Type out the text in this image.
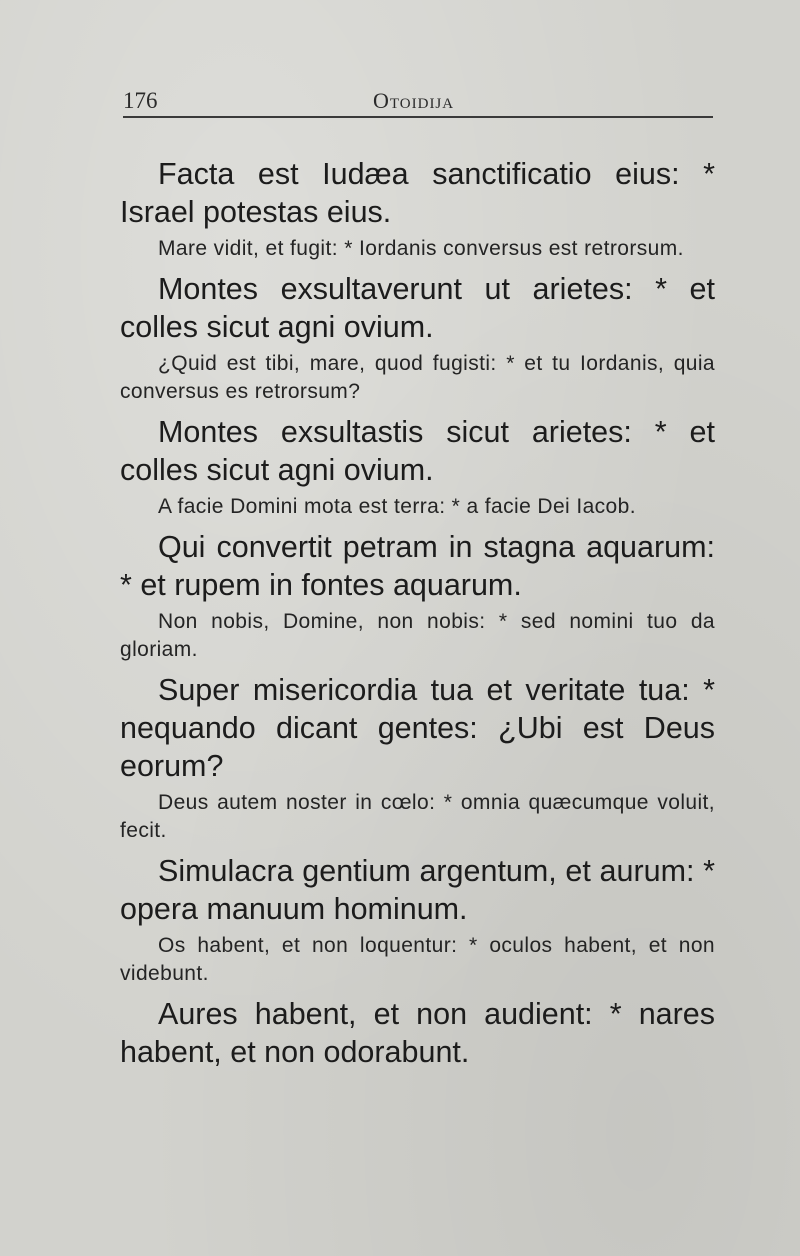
176	Otoidija

Facta est Iudæa sanctificatio eius: * Israel potestas eius.

Mare vidit, et fugit: * Iordanis conversus est retrorsum.

Montes exsultaverunt ut arietes: * et colles sicut agni ovium.

¿Quid est tibi, mare, quod fugisti: * et tu Iordanis, quia conversus es retrorsum?

Montes exsultastis sicut arietes: * et colles sicut agni ovium.

A facie Domini mota est terra: * a facie Dei Iacob.

Qui convertit petram in stagna aquarum: * et rupem in fontes aquarum.

Non nobis, Domine, non nobis: * sed nomini tuo da gloriam.

Super misericordia tua et veritate tua: * nequando dicant gentes: ¿Ubi est Deus eorum?

Deus autem noster in cœlo: * omnia quæcumque voluit, fecit.

Simulacra gentium argentum, et aurum: * opera manuum hominum.

Os habent, et non loquentur: * oculos habent, et non videbunt.

Aures habent, et non audient: * nares habent, et non odorabunt.
